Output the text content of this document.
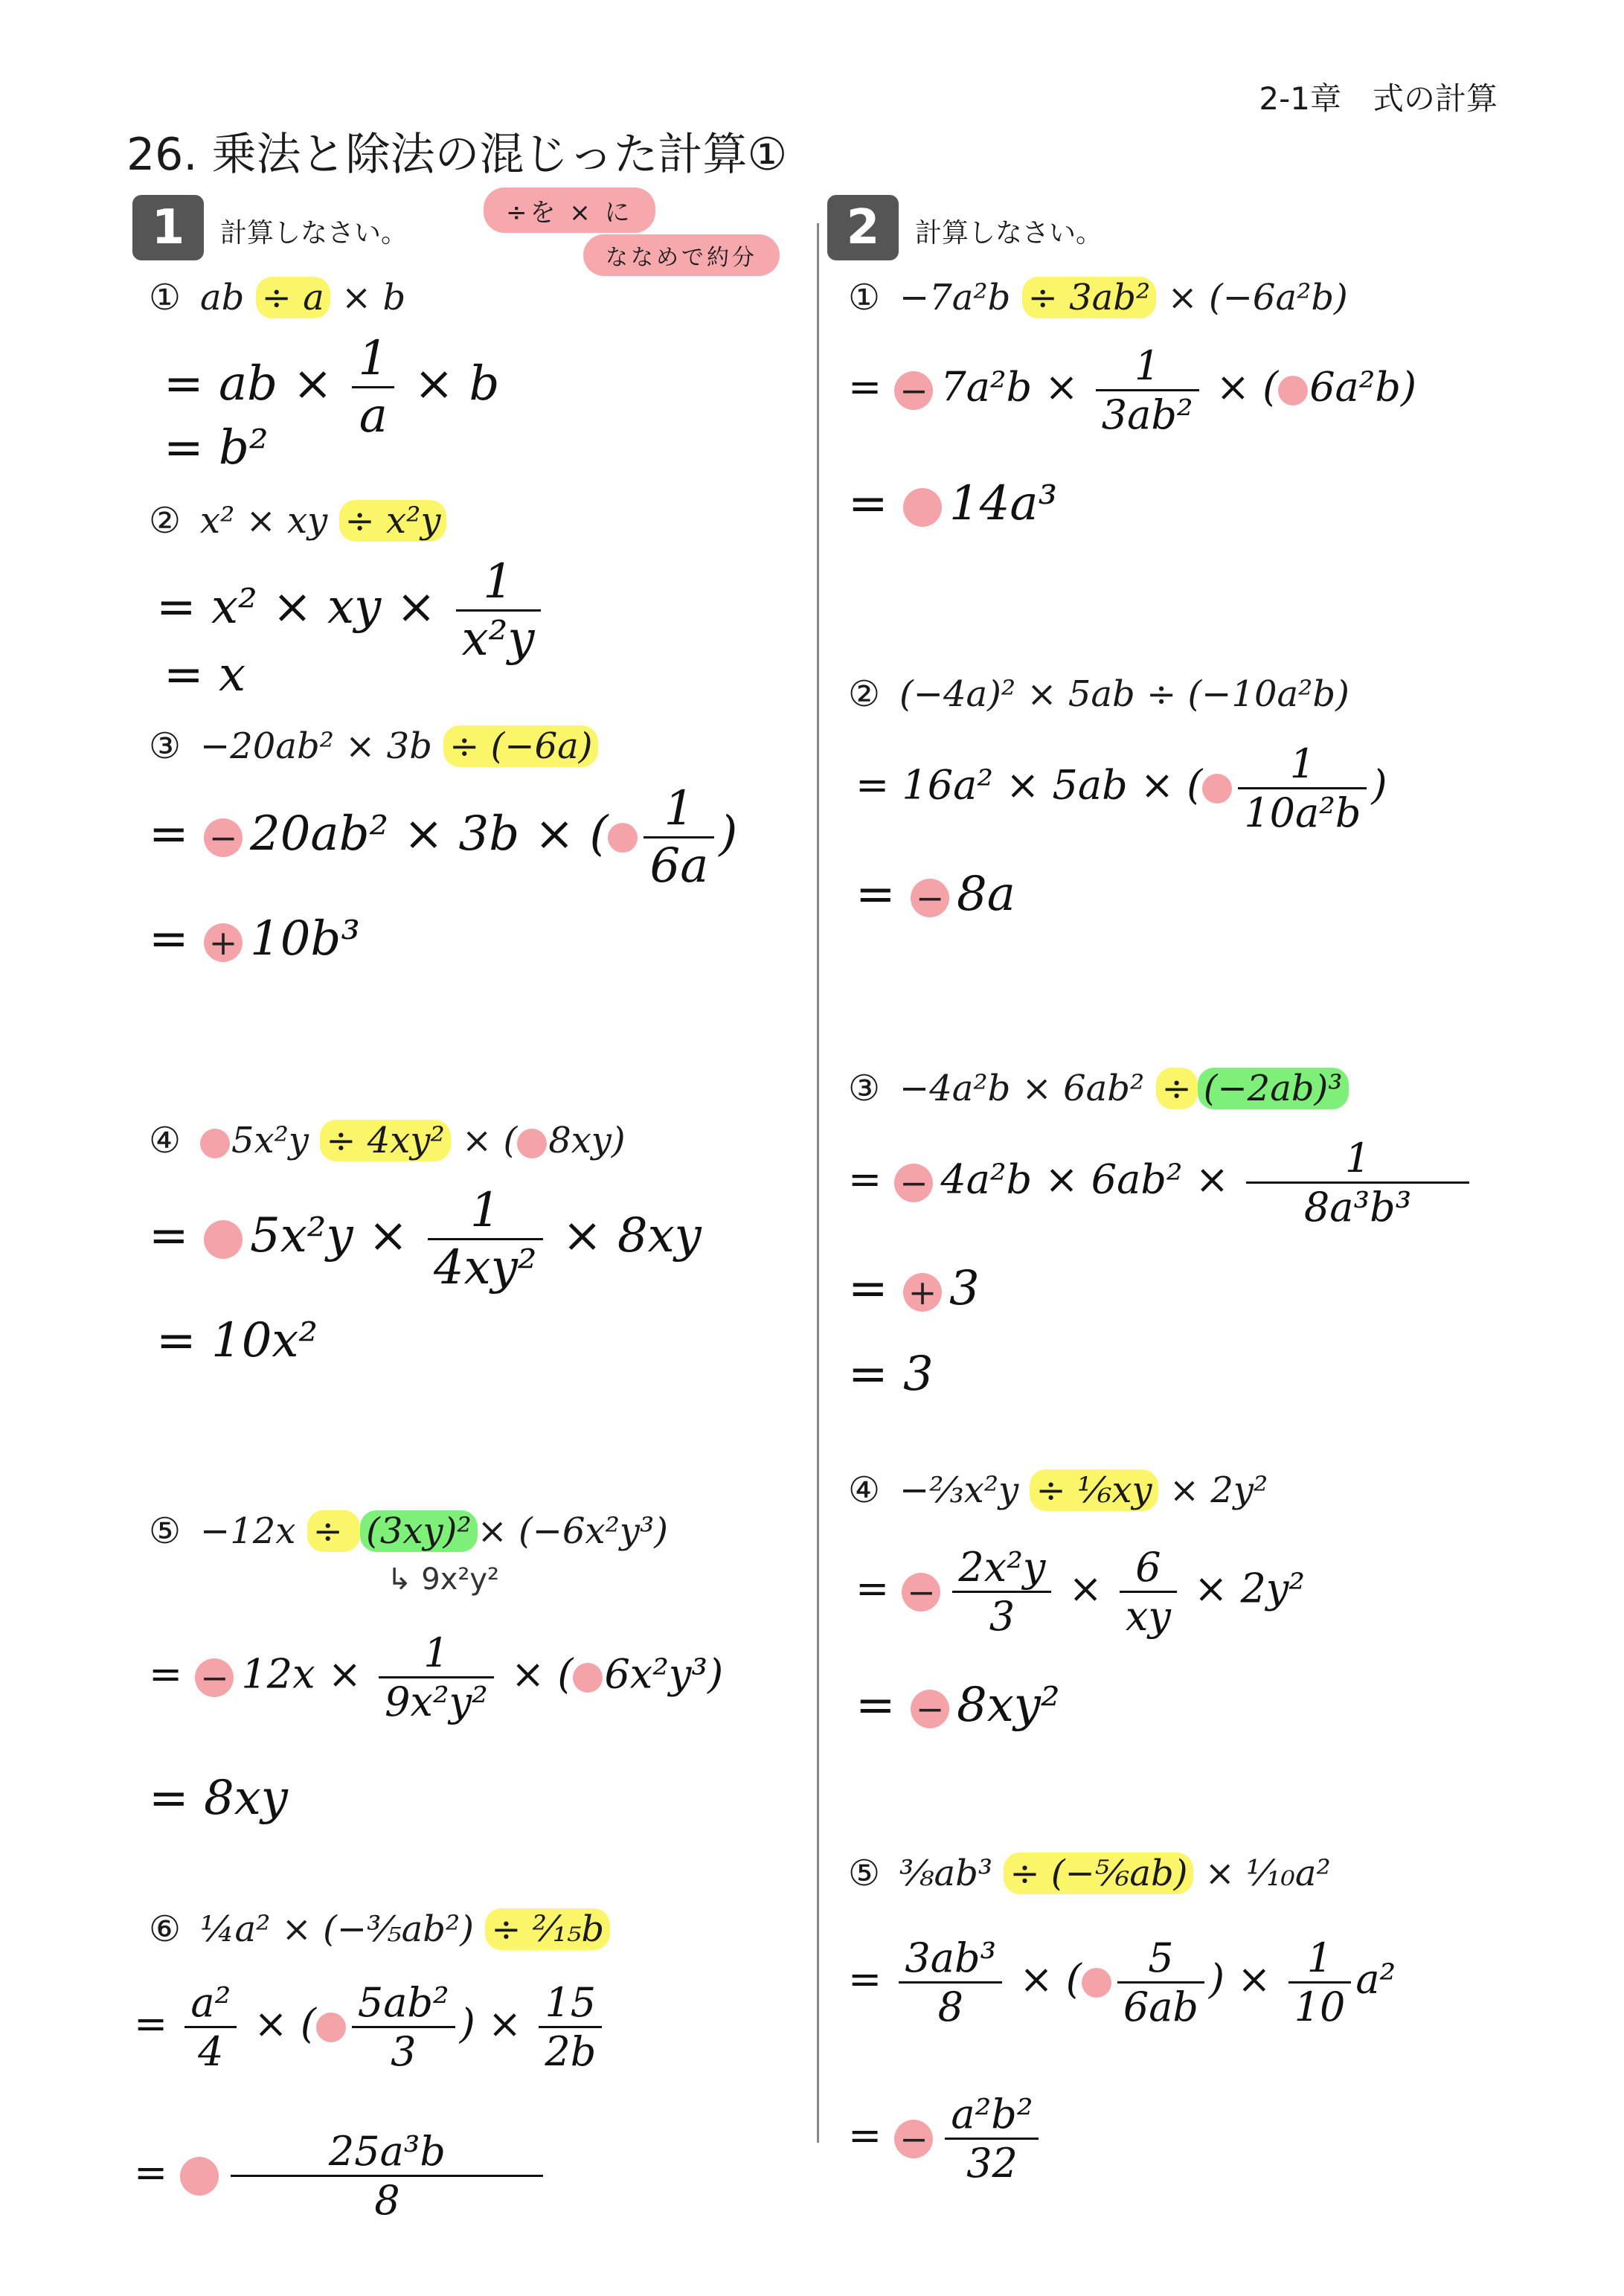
2-1章　式の計算
26. 乗法と除法の混じった計算①
1	計算しなさい。
÷を × に
ななめで約分
2	計算しなさい。
① ab ÷ a × b
= ab × $\frac{1}{a} \times b$
= b²
② x² × xy ÷ x²y
= x² × xy × $\frac{1}{\text{x²y}}$
= x
③ −20ab² × 3b ÷ (−6a)
= − 20ab² × 3b × ( $\frac{1}{6a}$ )
= + 10b³
④ 5x²y ÷ 4xy² × ( 8xy)
= $5x^2y \times \frac{1}{\text{4xy²}} \times 8xy$
= 10x²
⑤ −12x ÷ (3xy)² × (−6x²y³)
↳ 9x²y²
= − $12x \times \frac{1}{\text{9x²y²}}$ × ( 6x²y³)
= 8xy
⑥ ¼a² × (−⅗ab²) ÷ ²⁄₁₅b
= $\frac{\text{a²}}{4}$ × ( $\frac{\text{5ab²}}{3}$ ) × $\frac{15}{2b}$
= $\frac{\text{25a³b}}{8}$
① −7a²b ÷ 3ab² × (−6a²b)
= − $7a^2b \times \frac{1}{\text{3ab²}}$ × ( 6a²b)
= 14a³
② (−4a)² × 5ab ÷ (−10a²b)
= 16a² × 5ab × ( $\frac{1}{\text{10a²b}}$ )
= − 8a
③ −4a²b × 6ab² ÷ (−2ab)³
= − $4a^2b \times 6ab^2 \times \frac{1}{\text{8a³b³}}$
= + 3
= 3
④ −⅔x²y ÷ ⅙xy × 2y²
= − $\frac{\text{2x²y}}{3} \times \frac{6}{xy} \times 2y^2$
= − 8xy²
⑤ ⅜ab³ ÷ (−⅚ab) × ¹⁄₁₀a²
= $\frac{\text{3ab³}}{8}$ × ( $\frac{5}{6ab}$ ) × $\frac{1}{10} a^2$
= − $\frac{\text{a²b²}}{32}$
